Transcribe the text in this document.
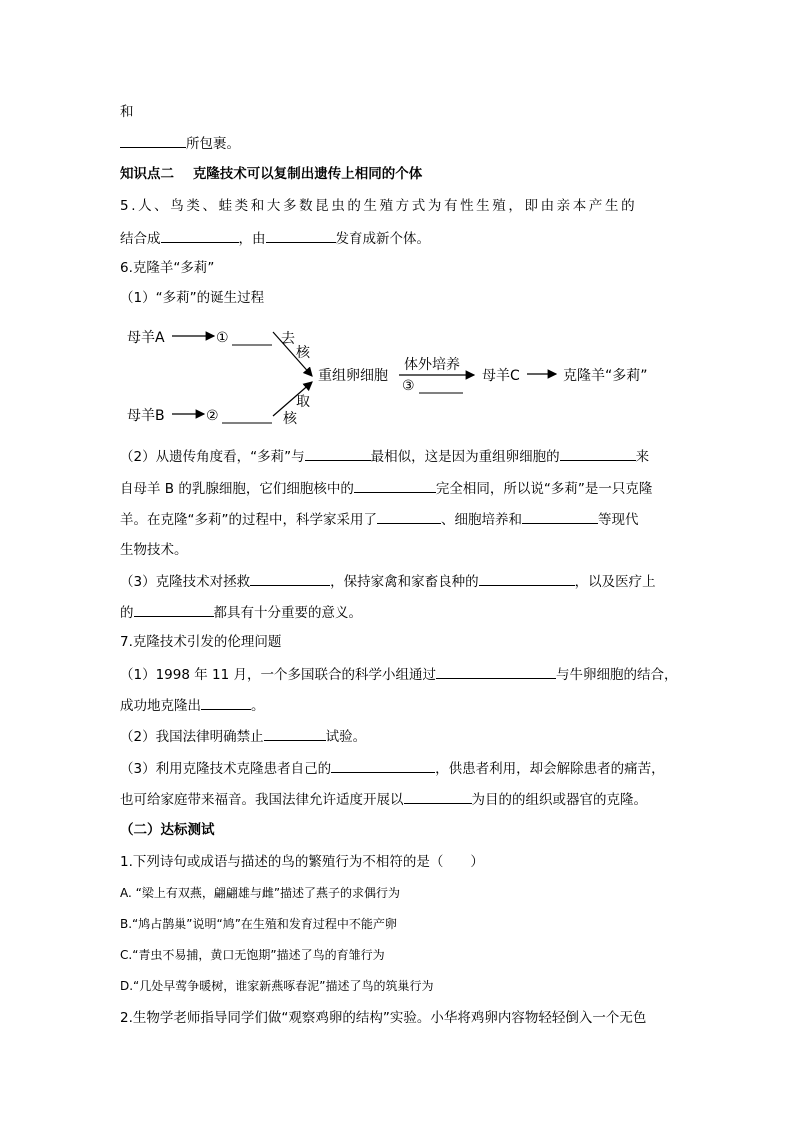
和
所包裹。
知识点二 克隆技术可以复制出遗传上相同的个体
5.人、鸟类、蛙类和大多数昆虫的生殖方式为有性生殖，即由亲本产生的
结合成	，由	发育成新个体。
6.克隆羊“多莉”
（1）“多莉”的诞生过程
母羊A	①	去
核
重组卵细胞
体外培养
③
母羊C	克隆羊“多莉”
母羊B	②
取
核
（2）从遗传角度看，“多莉”与	最相似，这是因为重组卵细胞的	来
自母羊 B 的乳腺细胞，它们细胞核中的	完全相同，所以说“多莉”是一只克隆
羊。在克隆“多莉”的过程中，科学家采用了	、细胞培养和	等现代
生物技术。
（3）克隆技术对拯救	，保持家禽和家畜良种的	，以及医疗上
的	都具有十分重要的意义。
7.克隆技术引发的伦理问题
（1）1998 年 11 月，一个多国联合的科学小组通过	与牛卵细胞的结合，
成功地克隆出	。
（2）我国法律明确禁止	试验。
（3）利用克隆技术克隆患者自己的	，供患者利用，却会解除患者的痛苦，
也可给家庭带来福音。我国法律允许适度开展以	为目的的组织或器官的克隆。
（二）达标测试
1.下列诗句或成语与描述的鸟的繁殖行为不相符的是（　　）
A. “梁上有双燕，翩翩雄与雌”描述了燕子的求偶行为
B.“鸠占鹊巢”说明“鸠”在生殖和发育过程中不能产卵
C.“青虫不易捕，黄口无饱期”描述了鸟的育雏行为
D.“几处早莺争暖树，谁家新燕啄春泥”描述了鸟的筑巢行为
2.生物学老师指导同学们做“观察鸡卵的结构”实验。小华将鸡卵内容物轻轻倒入一个无色
